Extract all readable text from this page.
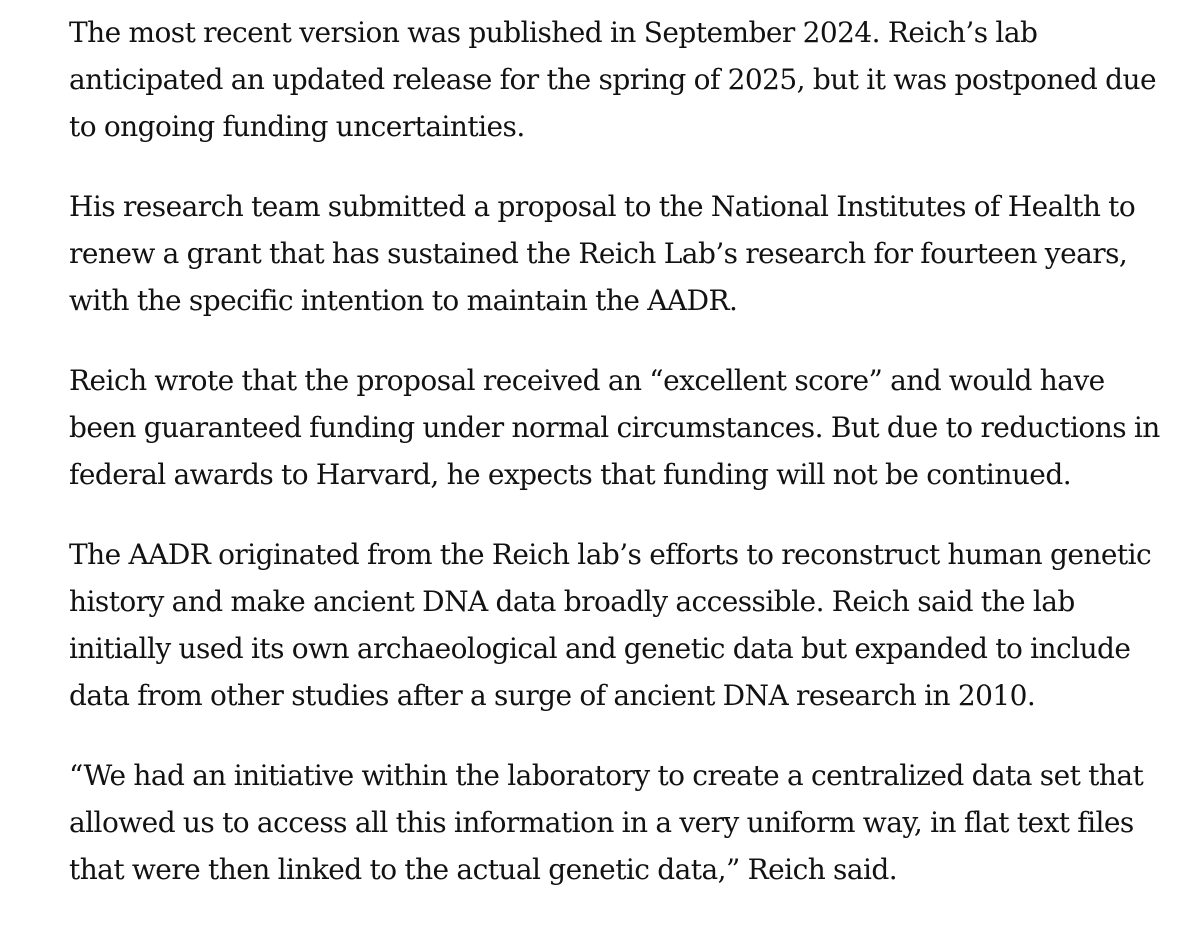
The most recent version was published in September 2024. Reich’s lab
anticipated an updated release for the spring of 2025, but it was postponed due
to ongoing funding uncertainties.

His research team submitted a proposal to the National Institutes of Health to
renew a grant that has sustained the Reich Lab’s research for fourteen years,
with the specific intention to maintain the AADR.

Reich wrote that the proposal received an “excellent score” and would have
been guaranteed funding under normal circumstances. But due to reductions in
federal awards to Harvard, he expects that funding will not be continued.

The AADR originated from the Reich lab’s efforts to reconstruct human genetic
history and make ancient DNA data broadly accessible. Reich said the lab
initially used its own archaeological and genetic data but expanded to include
data from other studies after a surge of ancient DNA research in 2010.

“We had an initiative within the laboratory to create a centralized data set that
allowed us to access all this information in a very uniform way, in flat text files
that were then linked to the actual genetic data,” Reich said.
